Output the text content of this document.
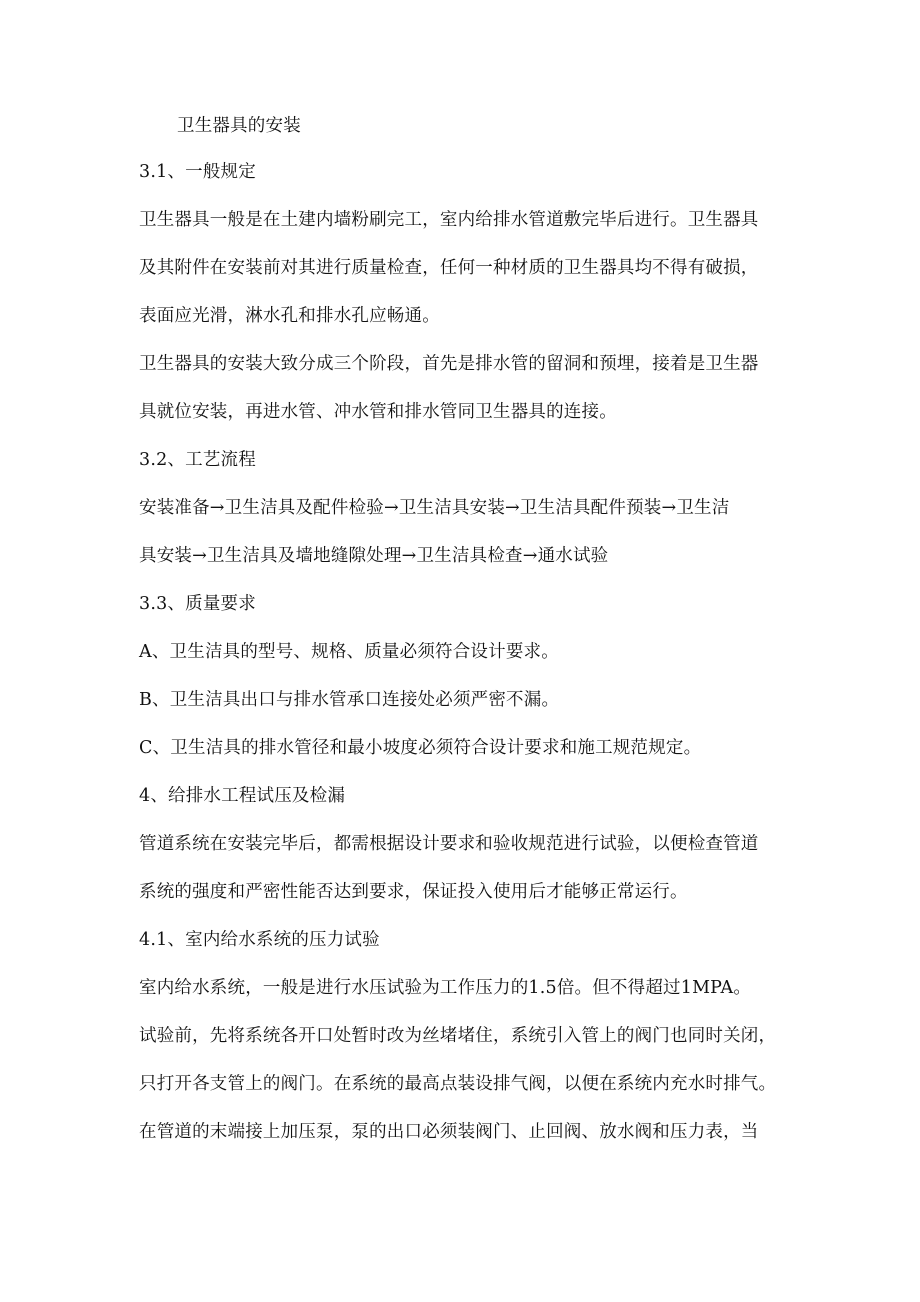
卫生器具的安装
3.1、一般规定
卫生器具一般是在土建内墙粉刷完工，室内给排水管道敷完毕后进行。卫生器具
及其附件在安装前对其进行质量检查，任何一种材质的卫生器具均不得有破损，
表面应光滑，淋水孔和排水孔应畅通。
卫生器具的安装大致分成三个阶段，首先是排水管的留洞和预埋，接着是卫生器
具就位安装，再进水管、冲水管和排水管同卫生器具的连接。
3.2、工艺流程
安装准备→卫生洁具及配件检验→卫生洁具安装→卫生洁具配件预装→卫生洁
具安装→卫生洁具及墙地缝隙处理→卫生洁具检查→通水试验
3.3、质量要求
A、卫生洁具的型号、规格、质量必须符合设计要求。
B、卫生洁具出口与排水管承口连接处必须严密不漏。
C、卫生洁具的排水管径和最小坡度必须符合设计要求和施工规范规定。
4、给排水工程试压及检漏
管道系统在安装完毕后，都需根据设计要求和验收规范进行试验，以便检查管道
系统的强度和严密性能否达到要求，保证投入使用后才能够正常运行。
4.1、室内给水系统的压力试验
室内给水系统，一般是进行水压试验为工作压力的1.5倍。但不得超过1MPA。
试验前，先将系统各开口处暂时改为丝堵堵住，系统引入管上的阀门也同时关闭，
只打开各支管上的阀门。在系统的最高点装设排气阀，以便在系统内充水时排气。
在管道的末端接上加压泵，泵的出口必须装阀门、止回阀、放水阀和压力表，当
